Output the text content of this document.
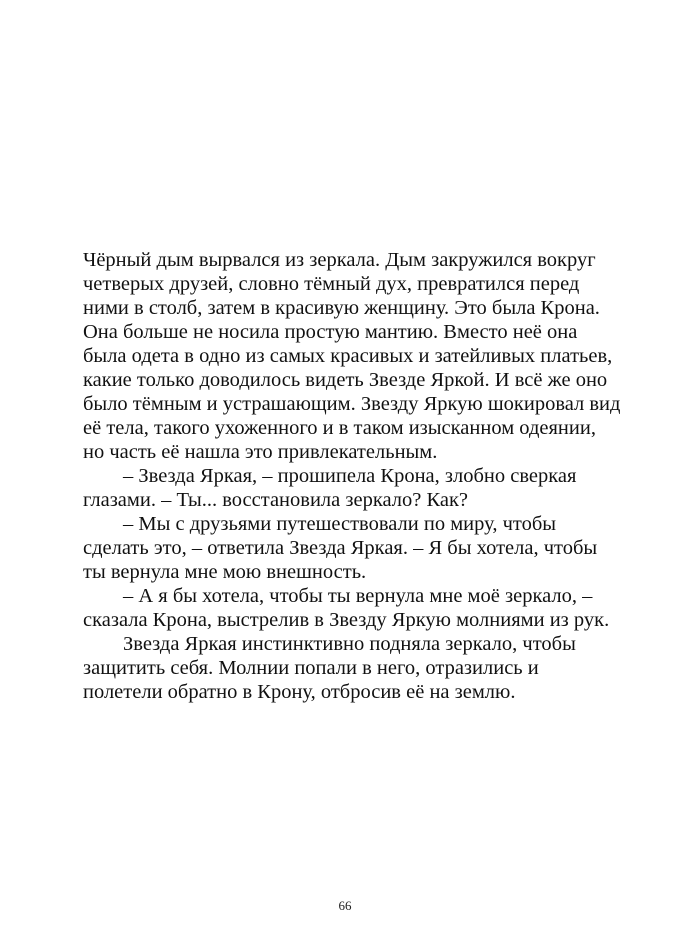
Чёрный дым вырвался из зеркала. Дым закружился вокруг
четверых друзей, словно тёмный дух, превратился перед
ними в столб, затем в красивую женщину. Это была Крона.
Она больше не носила простую мантию. Вместо неё она
была одета в одно из самых красивых и затейливых платьев,
какие только доводилось видеть Звезде Яркой. И всё же оно
было тёмным и устрашающим. Звезду Яркую шокировал вид
её тела, такого ухоженного и в таком изысканном одеянии,
но часть её нашла это привлекательным.
– Звезда Яркая, – прошипела Крона, злобно сверкая
глазами. – Ты... восстановила зеркало? Как?
– Мы с друзьями путешествовали по миру, чтобы
сделать это, – ответила Звезда Яркая. – Я бы хотела, чтобы
ты вернула мне мою внешность.
– А я бы хотела, чтобы ты вернула мне моё зеркало, –
сказала Крона, выстрелив в Звезду Яркую молниями из рук.
Звезда Яркая инстинктивно подняла зеркало, чтобы
защитить себя. Молнии попали в него, отразились и
полетели обратно в Крону, отбросив её на землю.
66
